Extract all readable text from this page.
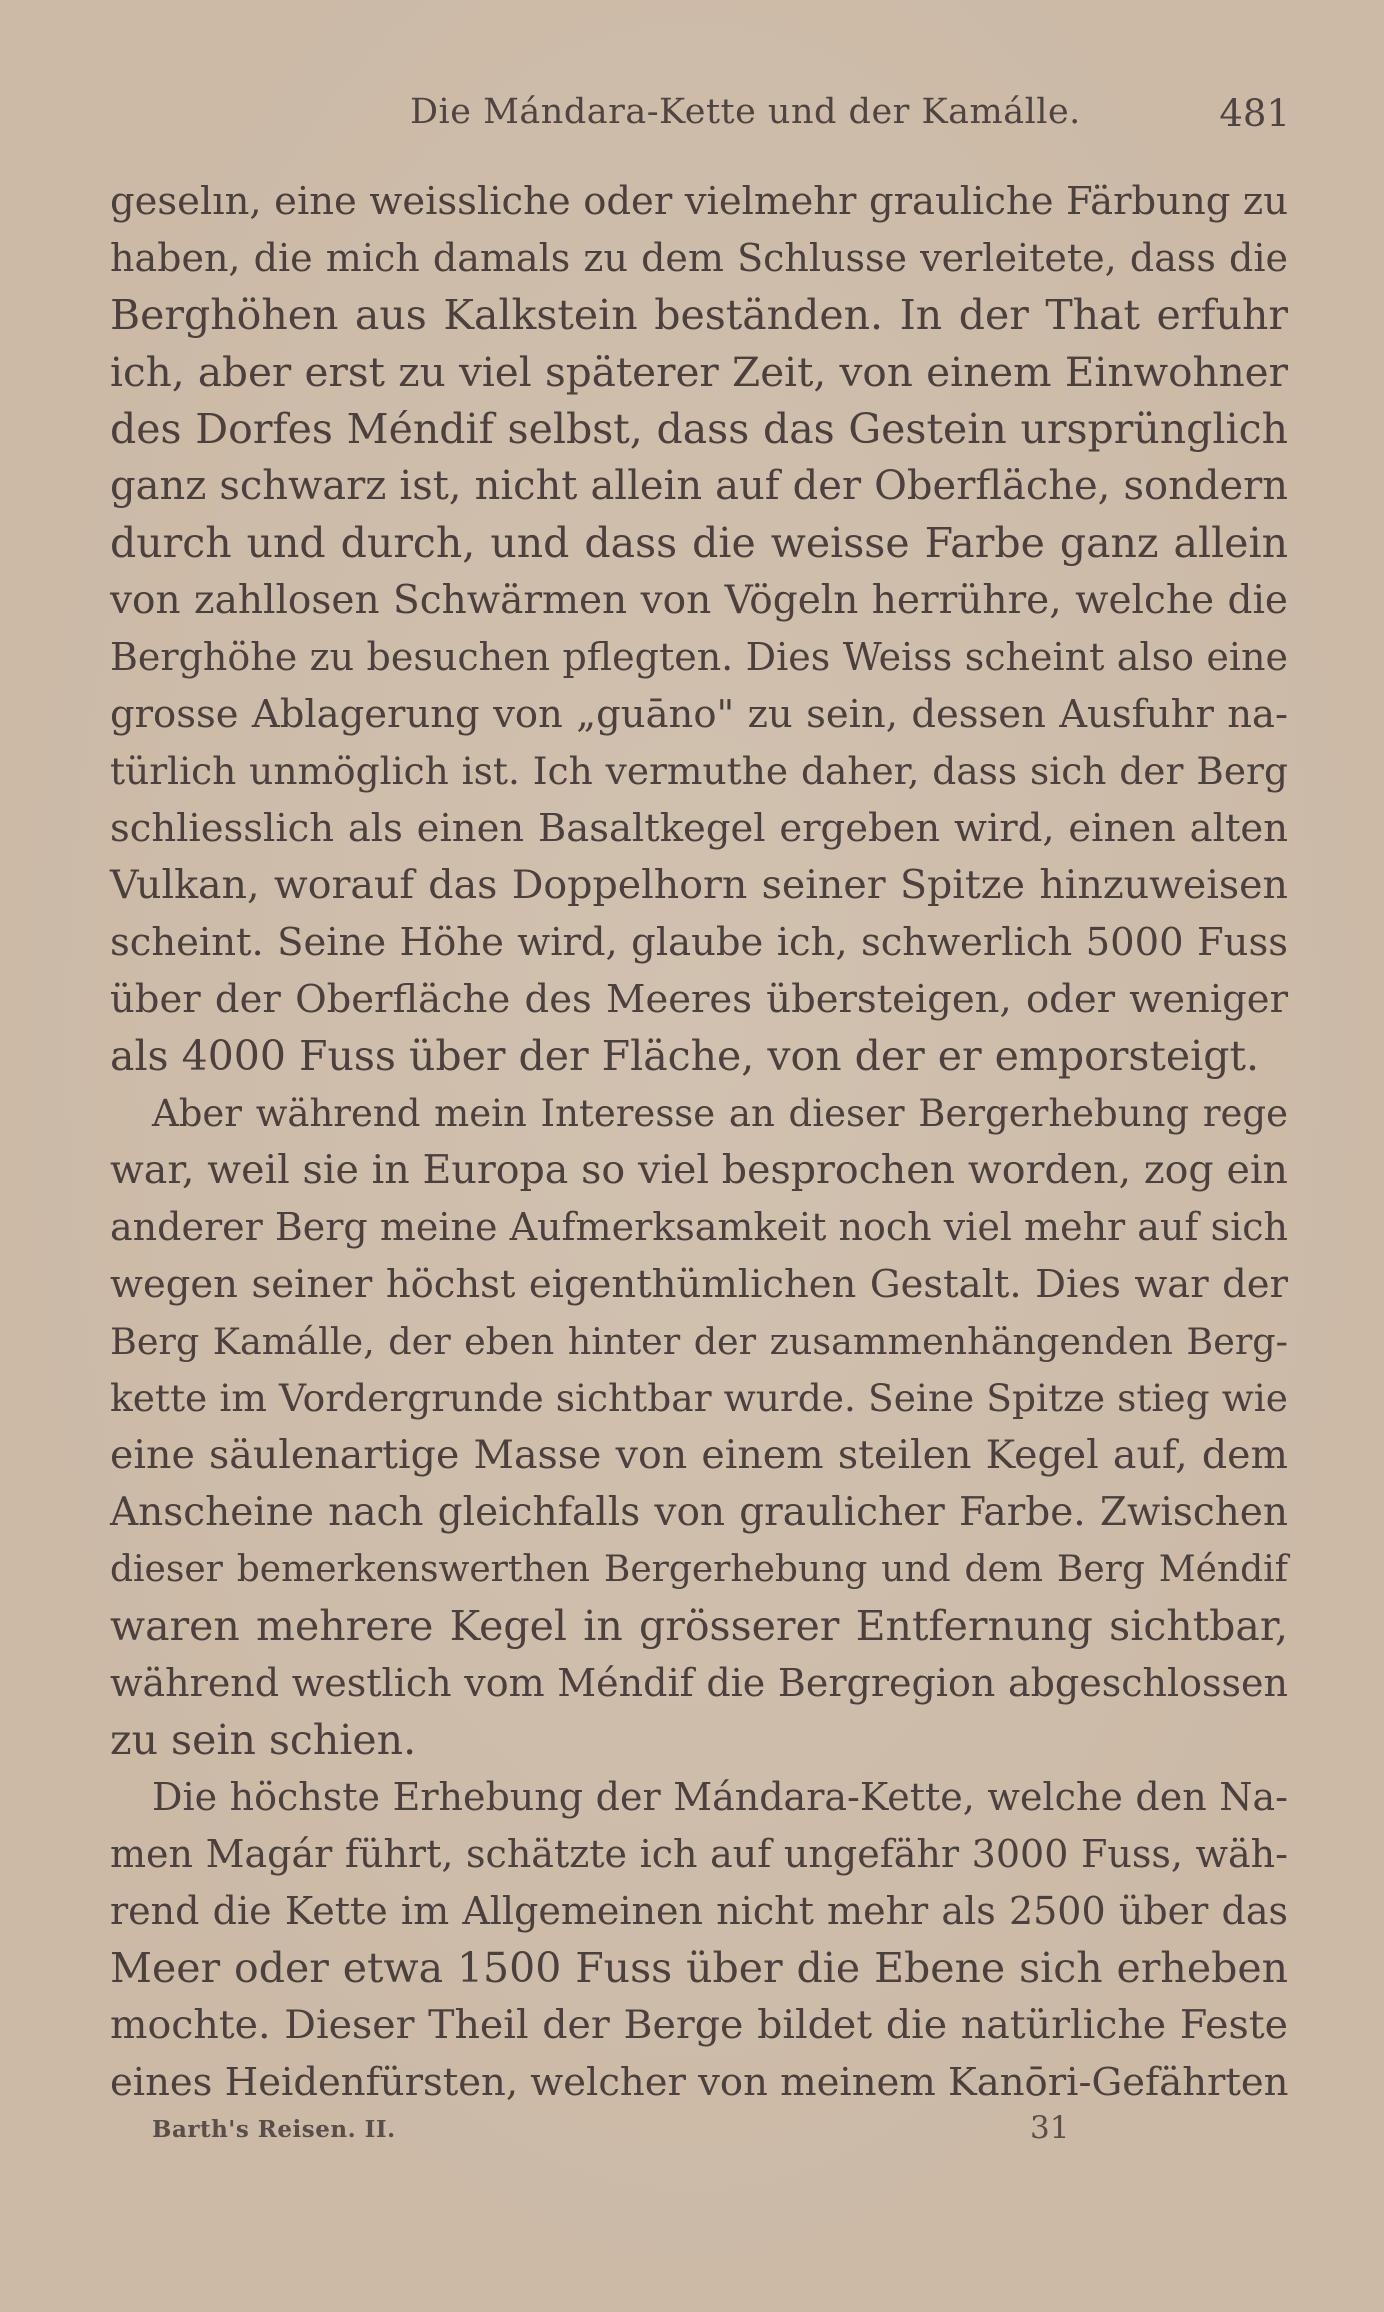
Die Mándara-Kette und der Kamálle.	481
geselın, eine weissliche oder vielmehr grauliche Färbung zu
haben, die mich damals zu dem Schlusse verleitete, dass die
Berghöhen aus Kalkstein beständen. In der That erfuhr
ich, aber erst zu viel späterer Zeit, von einem Einwohner
des Dorfes Méndif selbst, dass das Gestein ursprünglich
ganz schwarz ist, nicht allein auf der Oberfläche, sondern
durch und durch, und dass die weisse Farbe ganz allein
von zahllosen Schwärmen von Vögeln herrühre, welche die
Berghöhe zu besuchen pflegten. Dies Weiss scheint also eine
grosse Ablagerung von „guāno" zu sein, dessen Ausfuhr na-
türlich unmöglich ist. Ich vermuthe daher, dass sich der Berg
schliesslich als einen Basaltkegel ergeben wird, einen alten
Vulkan, worauf das Doppelhorn seiner Spitze hinzuweisen
scheint. Seine Höhe wird, glaube ich, schwerlich 5000 Fuss
über der Oberfläche des Meeres übersteigen, oder weniger
als 4000 Fuss über der Fläche, von der er emporsteigt.
Aber während mein Interesse an dieser Bergerhebung rege
war, weil sie in Europa so viel besprochen worden, zog ein
anderer Berg meine Aufmerksamkeit noch viel mehr auf sich
wegen seiner höchst eigenthümlichen Gestalt. Dies war der
Berg Kamálle, der eben hinter der zusammenhängenden Berg-
kette im Vordergrunde sichtbar wurde. Seine Spitze stieg wie
eine säulenartige Masse von einem steilen Kegel auf, dem
Anscheine nach gleichfalls von graulicher Farbe. Zwischen
dieser bemerkenswerthen Bergerhebung und dem Berg Méndif
waren mehrere Kegel in grösserer Entfernung sichtbar,
während westlich vom Méndif die Bergregion abgeschlossen
zu sein schien.
Die höchste Erhebung der Mándara-Kette, welche den Na-
men Magár führt, schätzte ich auf ungefähr 3000 Fuss, wäh-
rend die Kette im Allgemeinen nicht mehr als 2500 über das
Meer oder etwa 1500 Fuss über die Ebene sich erheben
mochte. Dieser Theil der Berge bildet die natürliche Feste
eines Heidenfürsten, welcher von meinem Kanōri-Gefährten
Barth's Reisen. II.	31
